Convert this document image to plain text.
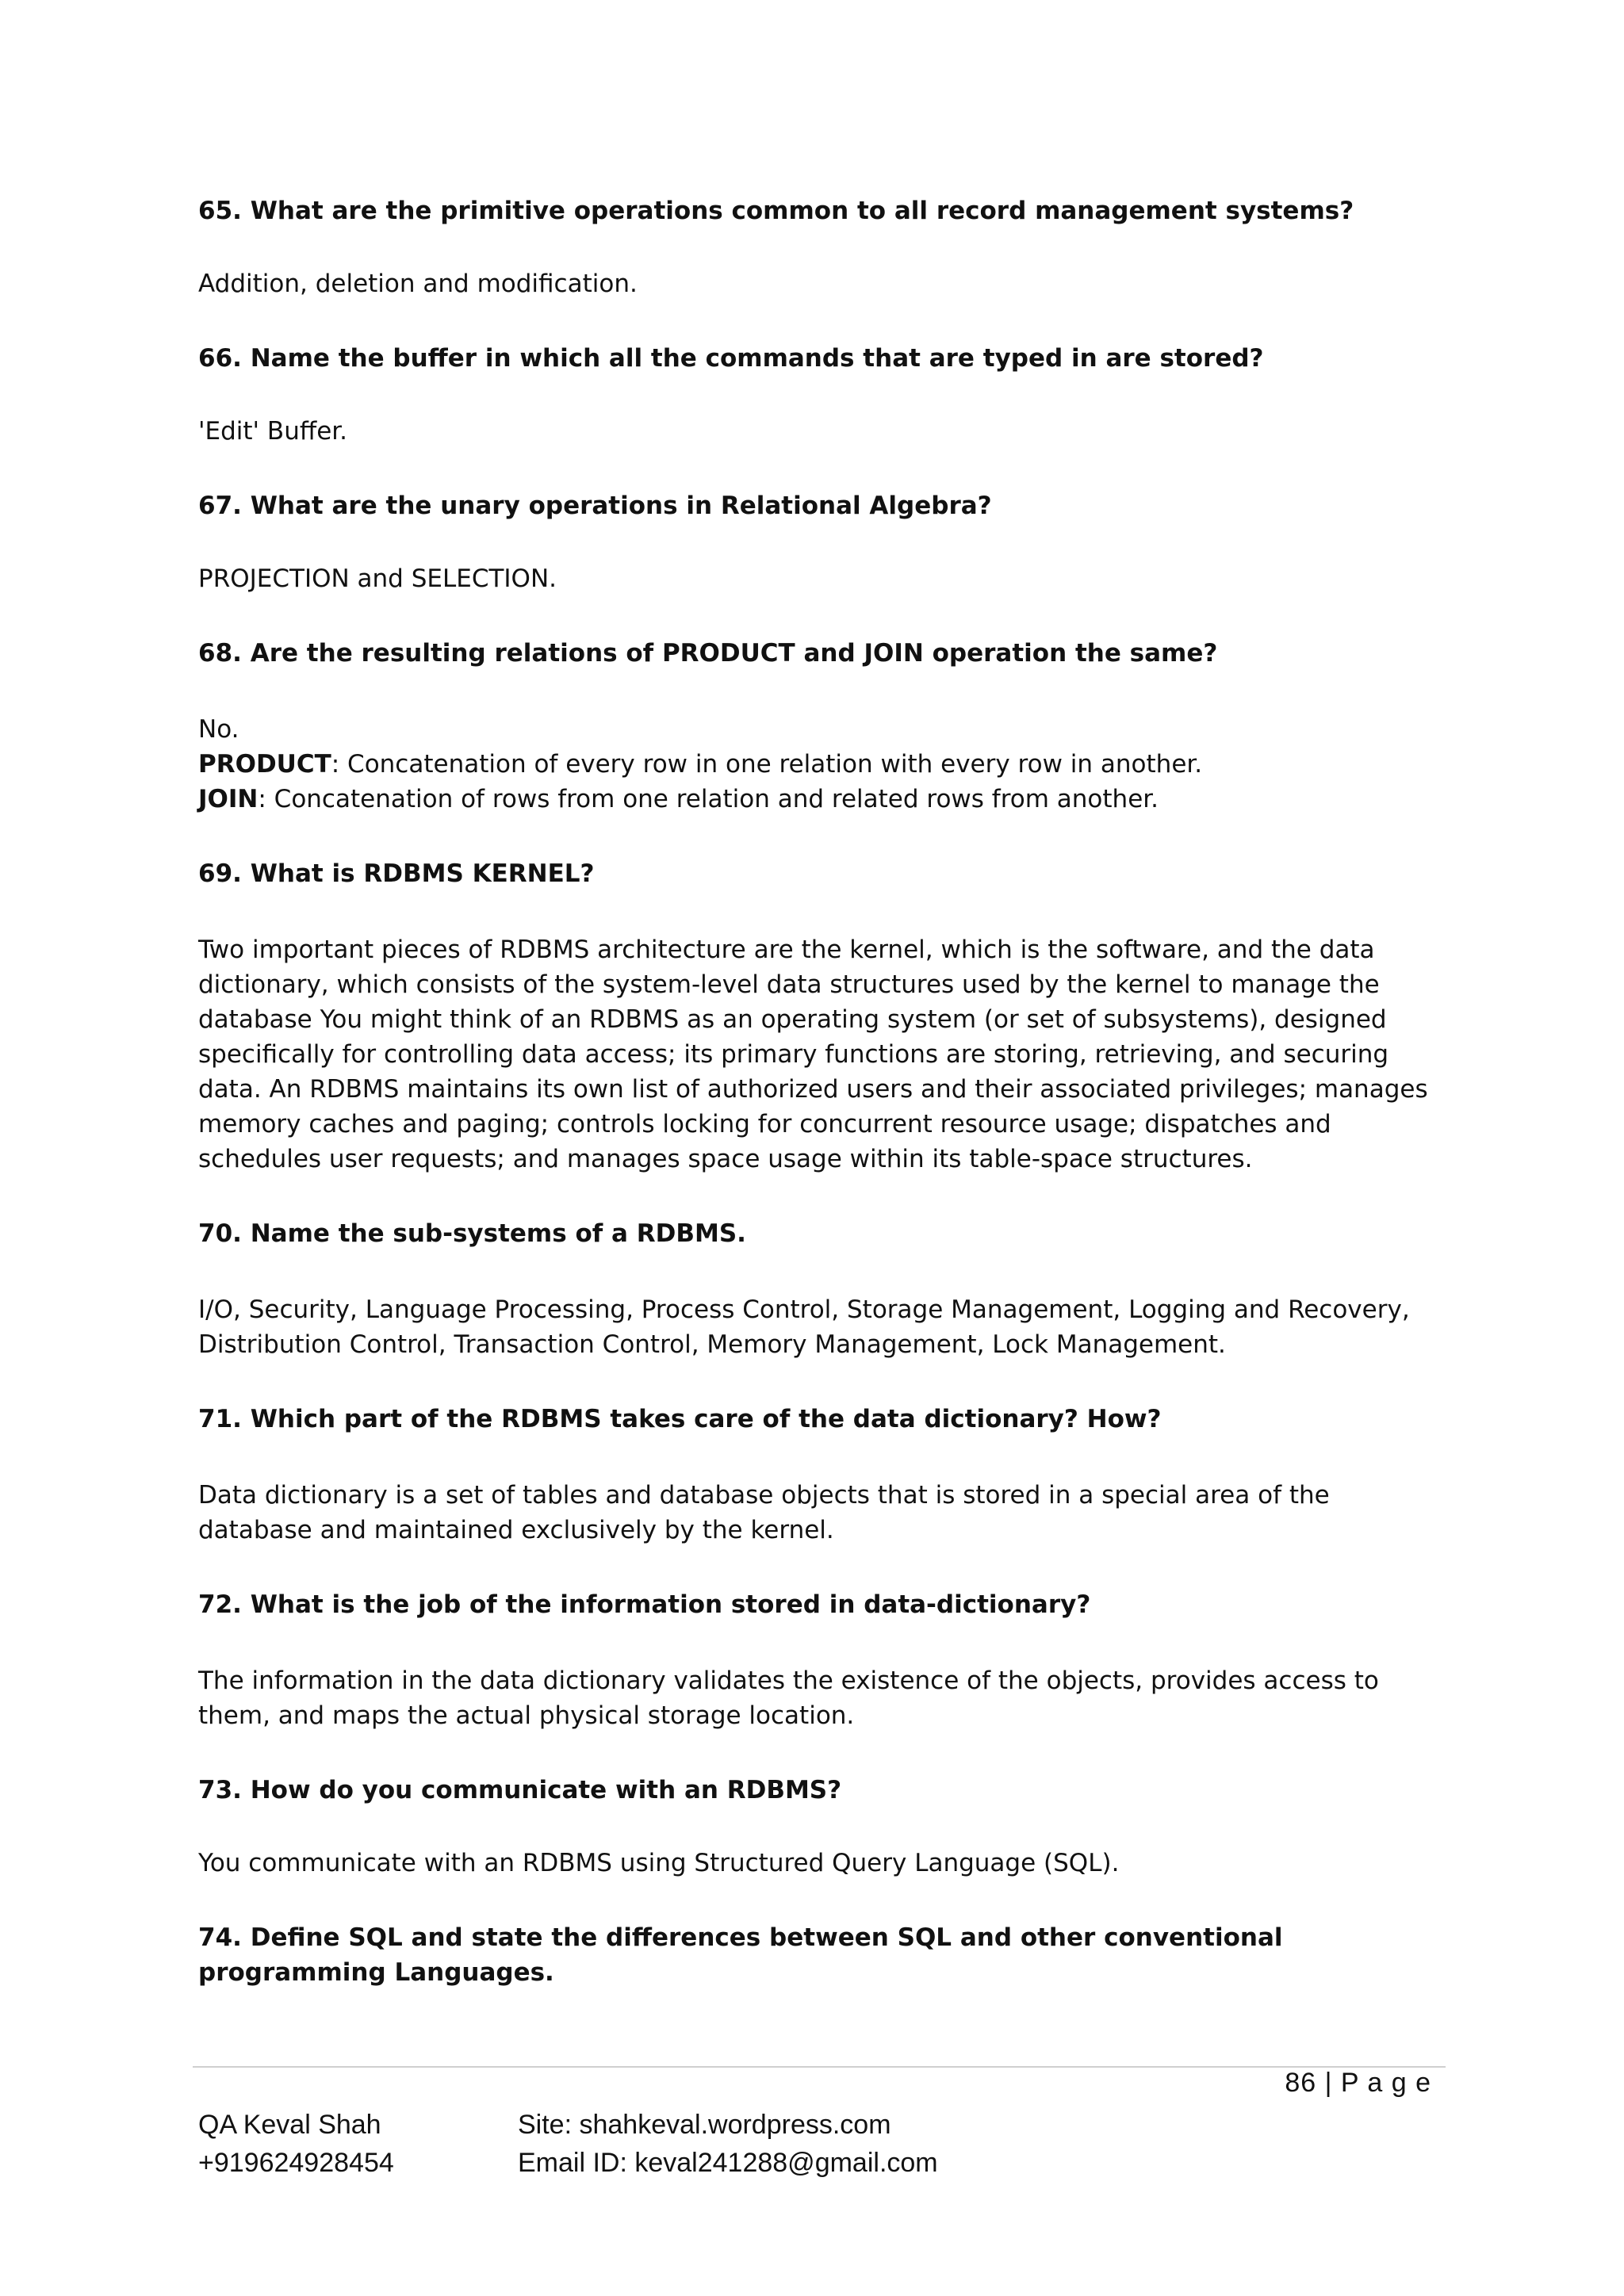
65. What are the primitive operations common to all record management systems?

Addition, deletion and modification.

66. Name the buffer in which all the commands that are typed in are stored?

'Edit' Buffer.

67. What are the unary operations in Relational Algebra?

PROJECTION and SELECTION.

68. Are the resulting relations of PRODUCT and JOIN operation the same?

No.

PRODUCT: Concatenation of every row in one relation with every row in another.

JOIN: Concatenation of rows from one relation and related rows from another.

69. What is RDBMS KERNEL?

Two important pieces of RDBMS architecture are the kernel, which is the software, and the data dictionary, which consists of the system-level data structures used by the kernel to manage the database You might think of an RDBMS as an operating system (or set of subsystems), designed specifically for controlling data access; its primary functions are storing, retrieving, and securing data. An RDBMS maintains its own list of authorized users and their associated privileges; manages memory caches and paging; controls locking for concurrent resource usage; dispatches and schedules user requests; and manages space usage within its table-space structures.

70. Name the sub-systems of a RDBMS.

I/O, Security, Language Processing, Process Control, Storage Management, Logging and Recovery, Distribution Control, Transaction Control, Memory Management, Lock Management.

71. Which part of the RDBMS takes care of the data dictionary? How?

Data dictionary is a set of tables and database objects that is stored in a special area of the database and maintained exclusively by the kernel.

72. What is the job of the information stored in data-dictionary?

The information in the data dictionary validates the existence of the objects, provides access to them, and maps the actual physical storage location.

73. How do you communicate with an RDBMS?

You communicate with an RDBMS using Structured Query Language (SQL).

74. Define SQL and state the differences between SQL and other conventional programming Languages.

86 | P a g e
QA Keval Shah
+919624928454
Site: shahkeval.wordpress.com
Email ID: keval241288@gmail.com
